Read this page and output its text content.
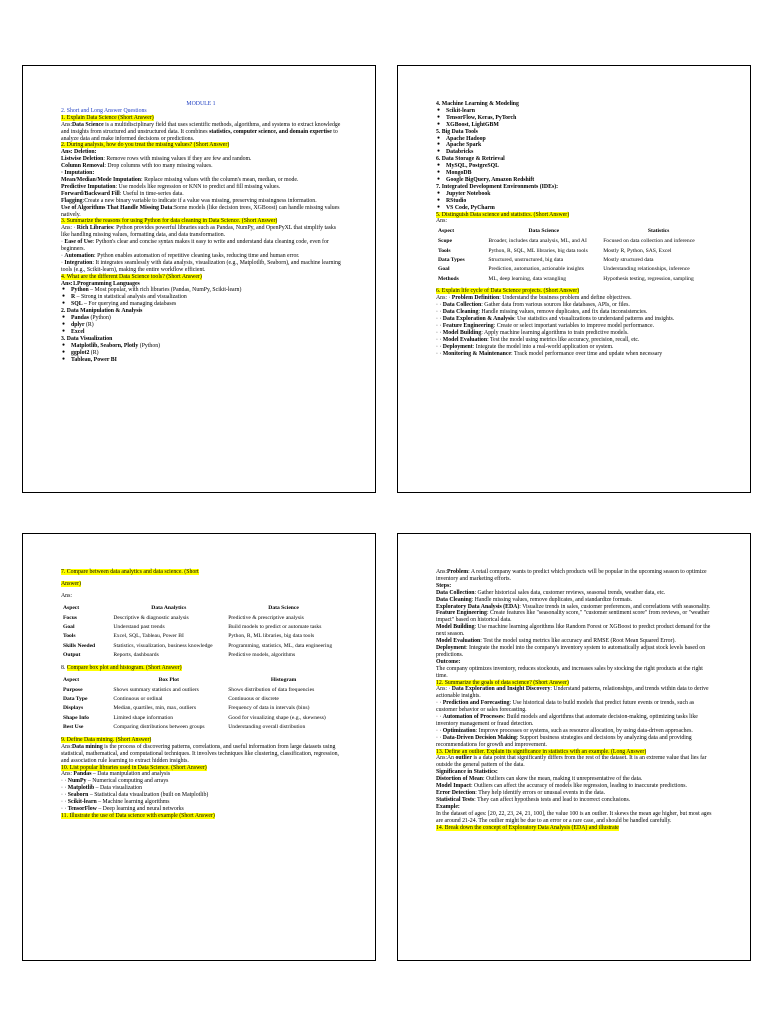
MODULE 1

2. Short and Long Answer Questions

1. Explain Data Science (Short Answer)

Ans:Data Science is a multidisciplinary field that uses scientific methods, algorithms, and systems to extract knowledge and insights from structured and unstructured data. It combines statistics, computer science, and domain expertise to analyze data and make informed decisions or predictions.

2. During analysis, how do you treat the missing values? (Short Answer)

Ans: Deletion:

Listwise Deletion: Remove rows with missing values if they are few and random.

Column Removal: Drop columns with too many missing values.

· Imputation:

Mean/Median/Mode Imputation: Replace missing values with the column's mean, median, or mode.

Predictive Imputation: Use models like regression or KNN to predict and fill missing values.

Forward/Backward Fill: Useful in time-series data.

Flagging:Create a new binary variable to indicate if a value was missing, preserving missingness information.

Use of Algorithms That Handle Missing Data:Some models (like decision trees, XGBoost) can handle missing values natively.

3. Summarize the reasons for using Python for data cleaning in Data Science. (Short Answer)

Ans: · Rich Libraries: Python provides powerful libraries such as Pandas, NumPy, and OpenPyXL that simplify tasks like handling missing values, formatting data, and data transformation.

· Ease of Use: Python's clear and concise syntax makes it easy to write and understand data cleaning code, even for beginners.

· Automation: Python enables automation of repetitive cleaning tasks, reducing time and human error.

· Integration: It integrates seamlessly with data analysis, visualization (e.g., Matplotlib, Seaborn), and machine learning tools (e.g., Scikit-learn), making the entire workflow efficient.

4. What are the different Data Science tools? (Short Answer)

Ans:1.Programming Languages

● Python – Most popular, with rich libraries (Pandas, NumPy, Scikit-learn)

● R – Strong in statistical analysis and visualization

● SQL – For querying and managing databases

2. Data Manipulation & Analysis

● Pandas (Python)

● dplyr (R)

● Excel

3. Data Visualization

● Matplotlib, Seaborn, Plotly (Python)

● ggplot2 (R)

● Tableau, Power BI

4. Machine Learning & Modeling

● Scikit-learn

● TensorFlow, Keras, PyTorch

● XGBoost, LightGBM

5. Big Data Tools

● Apache Hadoop

● Apache Spark

● Databricks

6. Data Storage & Retrieval

● MySQL, PostgreSQL

● MongoDB

● Google BigQuery, Amazon Redshift

7. Integrated Development Environments (IDEs):

● Jupyter Notebook

● RStudio

● VS Code, PyCharm

5. Distinguish Data science and statistics. (Short Answer)

Ans:

Aspect	Data Science	Statistics
Scope	Broader, includes data analysis, ML, and AI	Focused on data collection and inference
Tools	Python, R, SQL, ML libraries, big data tools	Mostly R, Python, SAS, Excel
Data Types	Structured, unstructured, big data	Mostly structured data
Goal	Prediction, automation, actionable insights	Understanding relationships, inference
Methods	ML, deep learning, data wrangling	Hypothesis testing, regression, sampling

6. Explain life cycle of Data Science projects. (Short Answer)

Ans: · Problem Definition: Understand the business problem and define objectives.

· · Data Collection: Gather data from various sources like databases, APIs, or files.

· · Data Cleaning: Handle missing values, remove duplicates, and fix data inconsistencies.

· · Data Exploration & Analysis: Use statistics and visualizations to understand patterns and insights.

· · Feature Engineering: Create or select important variables to improve model performance.

· · Model Building: Apply machine learning algorithms to train predictive models.

· · Model Evaluation: Test the model using metrics like accuracy, precision, recall, etc.

· · Deployment: Integrate the model into a real-world application or system.

· · Monitoring & Maintenance: Track model performance over time and update when necessary

7. Compare between data analytics and data science. (Short

Answer)

Ans:

Aspect	Data Analytics	Data Science
Focus	Descriptive & diagnostic analysis	Predictive & prescriptive analysis
Goal	Understand past trends	Build models to predict or automate tasks
Tools	Excel, SQL, Tableau, Power BI	Python, R, ML libraries, big data tools
Skills Needed	Statistics, visualization, business knowledge	Programming, statistics, ML, data engineering
Output	Reports, dashboards	Predictive models, algorithms

8. Compare box plot and histogram. (Short Answer)

Aspect	Box Plot	Histogram
Purpose	Shows summary statistics and outliers	Shows distribution of data frequencies
Data Type	Continuous or ordinal	Continuous or discrete
Displays	Median, quartiles, min, max, outliers	Frequency of data in intervals (bins)
Shape Info	Limited shape information	Good for visualizing shape (e.g., skewness)
Best Use	Comparing distributions between groups	Understanding overall distribution

9. Define Data mining. (Short Answer)

Ans:Data mining is the process of discovering patterns, correlations, and useful information from large datasets using statistical, mathematical, and computational techniques. It involves techniques like clustering, classification, regression, and association rule learning to extract hidden insights.

10. List popular libraries used in Data Science. (Short Answer)

Ans: Pandas – Data manipulation and analysis

· · NumPy – Numerical computing and arrays

· · Matplotlib – Data visualization

· · Seaborn – Statistical data visualization (built on Matplotlib)

· · Scikit-learn – Machine learning algorithms

· · TensorFlow – Deep learning and neural networks

11. Illustrate the use of Data science with example (Short Answer)

Ans:Problem: A retail company wants to predict which products will be popular in the upcoming season to optimize inventory and marketing efforts.

Steps:

Data Collection: Gather historical sales data, customer reviews, seasonal trends, weather data, etc.

Data Cleaning: Handle missing values, remove duplicates, and standardize formats.

Exploratory Data Analysis (EDA): Visualize trends in sales, customer preferences, and correlations with seasonality.

Feature Engineering: Create features like "seasonality score," "customer sentiment score" from reviews, or "weather impact" based on historical data.

Model Building: Use machine learning algorithms like Random Forest or XGBoost to predict product demand for the next season.

Model Evaluation: Test the model using metrics like accuracy and RMSE (Root Mean Squared Error).

Deployment: Integrate the model into the company's inventory system to automatically adjust stock levels based on predictions.

Outcome:

The company optimizes inventory, reduces stockouts, and increases sales by stocking the right products at the right time.

12. Summarize the goals of data science? (Short Answer)

Ans: · Data Exploration and Insight Discovery: Understand patterns, relationships, and trends within data to derive actionable insights.

· · Prediction and Forecasting: Use historical data to build models that predict future events or trends, such as customer behavior or sales forecasting.

· · Automation of Processes: Build models and algorithms that automate decision-making, optimizing tasks like inventory management or fraud detection.

· · Optimization: Improve processes or systems, such as resource allocation, by using data-driven approaches.

· · Data-Driven Decision Making: Support business strategies and decisions by analyzing data and providing recommendations for growth and improvement.

13. Define an outlier. Explain its significance in statistics with an example. (Long Answer)

Ans:An outlier is a data point that significantly differs from the rest of the dataset. It is an extreme value that lies far outside the general pattern of the data.

Significance in Statistics:

Distortion of Mean: Outliers can skew the mean, making it unrepresentative of the data.

Model Impact: Outliers can affect the accuracy of models like regression, leading to inaccurate predictions.

Error Detection: They help identify errors or unusual events in the data.

Statistical Tests: They can affect hypothesis tests and lead to incorrect conclusions.

Example:

In the dataset of ages: [20, 22, 23, 24, 21, 100], the value 100 is an outlier. It skews the mean age higher, but most ages are around 21-24. The outlier might be due to an error or a rare case, and should be handled carefully.

14. Break down the concept of Exploratory Data Analysis (EDA) and illustrate
